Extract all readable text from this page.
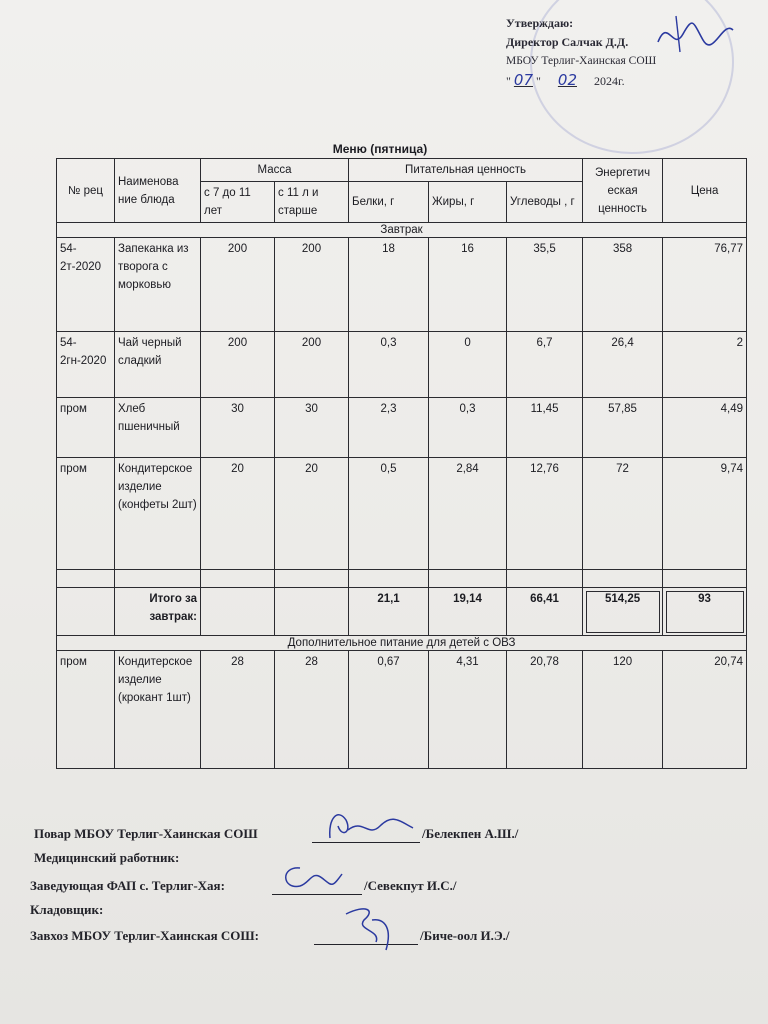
Утверждаю:
Директор Салчак Д.Д.
МБОУ Терлиг-Хаинская СОШ
" 07 " 02 2024г.
Меню (пятница)
№ рец	Наименова ние блюда	Масса		Питательная ценность			Энергетич еская ценность	Цена
		с 7 до 11 лет	с 11 л и старше	Белки, г	Жиры, г	Углеводы , г		
Завтрак								
54-2т-2020	Запеканка из творога с морковью	200	200	18	16	35,5	358	76,77
54-2гн-2020	Чай черный сладкий	200	200	0,3	0	6,7	26,4	2
пром	Хлеб пшеничный	30	30	2,3	0,3	11,45	57,85	4,49
пром	Кондитерское изделие (конфеты 2шт)	20	20	0,5	2,84	12,76	72	9,74

	Итого за завтрак:			21,1	19,14	66,41	514,25	93
Дополнительное питание для детей с ОВЗ								
пром	Кондитерское изделие (крокант 1шт)	28	28	0,67	4,31	20,78	120	20,74
Повар МБОУ Терлиг-Хаинская СОШ	/Белекпен А.Ш./
Медицинский работник:
Заведующая ФАП с. Терлиг-Хая:	/Севекпут И.С./
Кладовщик:
Завхоз МБОУ Терлиг-Хаинская СОШ:	/Биче-оол И.Э./
